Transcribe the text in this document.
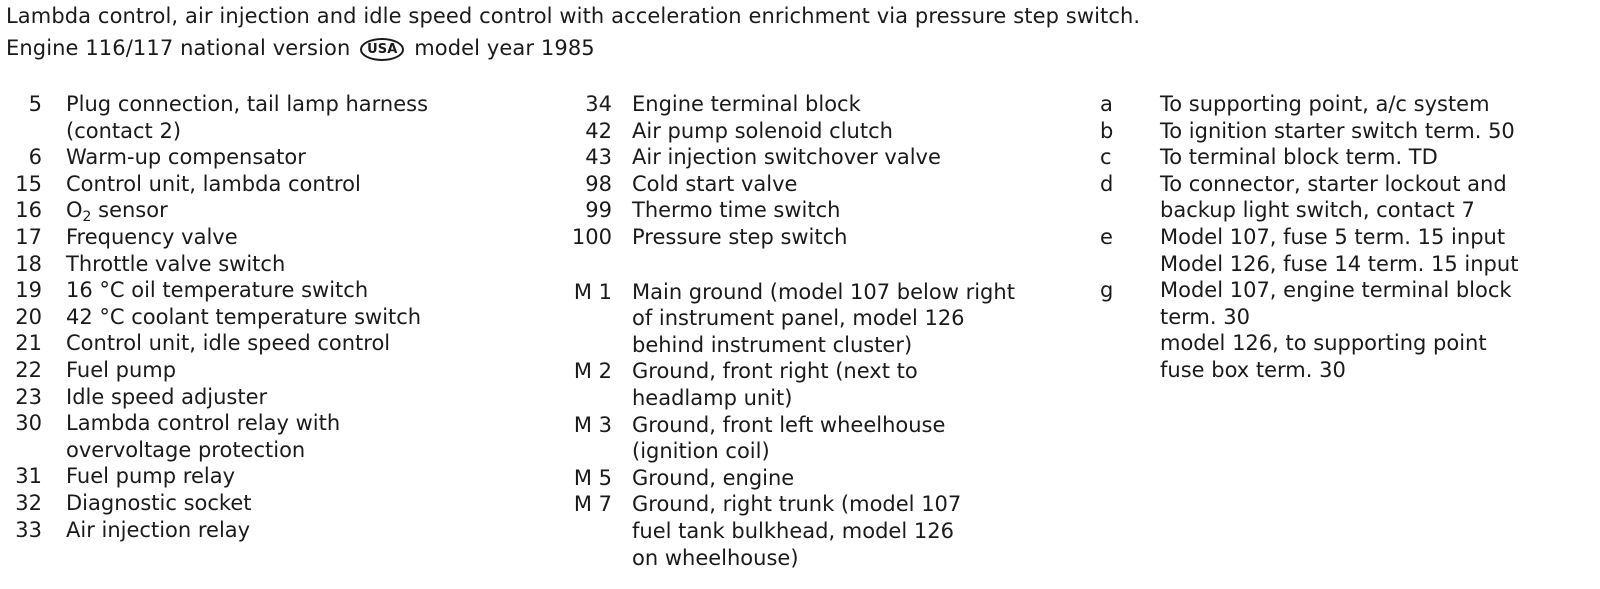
Lambda control, air injection and idle speed control with acceleration enrichment via pressure step switch.
Engine 116/117 national version USA model year 1985
5	Plug connection, tail lamp harness
(contact 2)
6	Warm-up compensator
15	Control unit, lambda control
16	$O_2$ sensor
17	Frequency valve
18	Throttle valve switch
19	16 °C oil temperature switch
20	42 °C coolant temperature switch
21	Control unit, idle speed control
22	Fuel pump
23	Idle speed adjuster
30	Lambda control relay with
overvoltage protection
31	Fuel pump relay
32	Diagnostic socket
33	Air injection relay
34 Engine terminal block
42 Air pump solenoid clutch
43 Air injection switchover valve
98 Cold start valve
99 Thermo time switch
100 Pressure step switch
M 1 Main ground (model 107 below right
of instrument panel, model 126
behind instrument cluster)
M 2 Ground, front right (next to
headlamp unit)
M 3 Ground, front left wheelhouse
(ignition coil)
M 5 Ground, engine
M 7 Ground, right trunk (model 107
fuel tank bulkhead, model 126
on wheelhouse)
a	To supporting point, a/c system
b	To ignition starter switch term. 50
c	To terminal block term. TD
d	To connector, starter lockout and
backup light switch, contact 7
e	Model 107, fuse 5 term. 15 input
Model 126, fuse 14 term. 15 input
g	Model 107, engine terminal block
term. 30
model 126, to supporting point
fuse box term. 30
